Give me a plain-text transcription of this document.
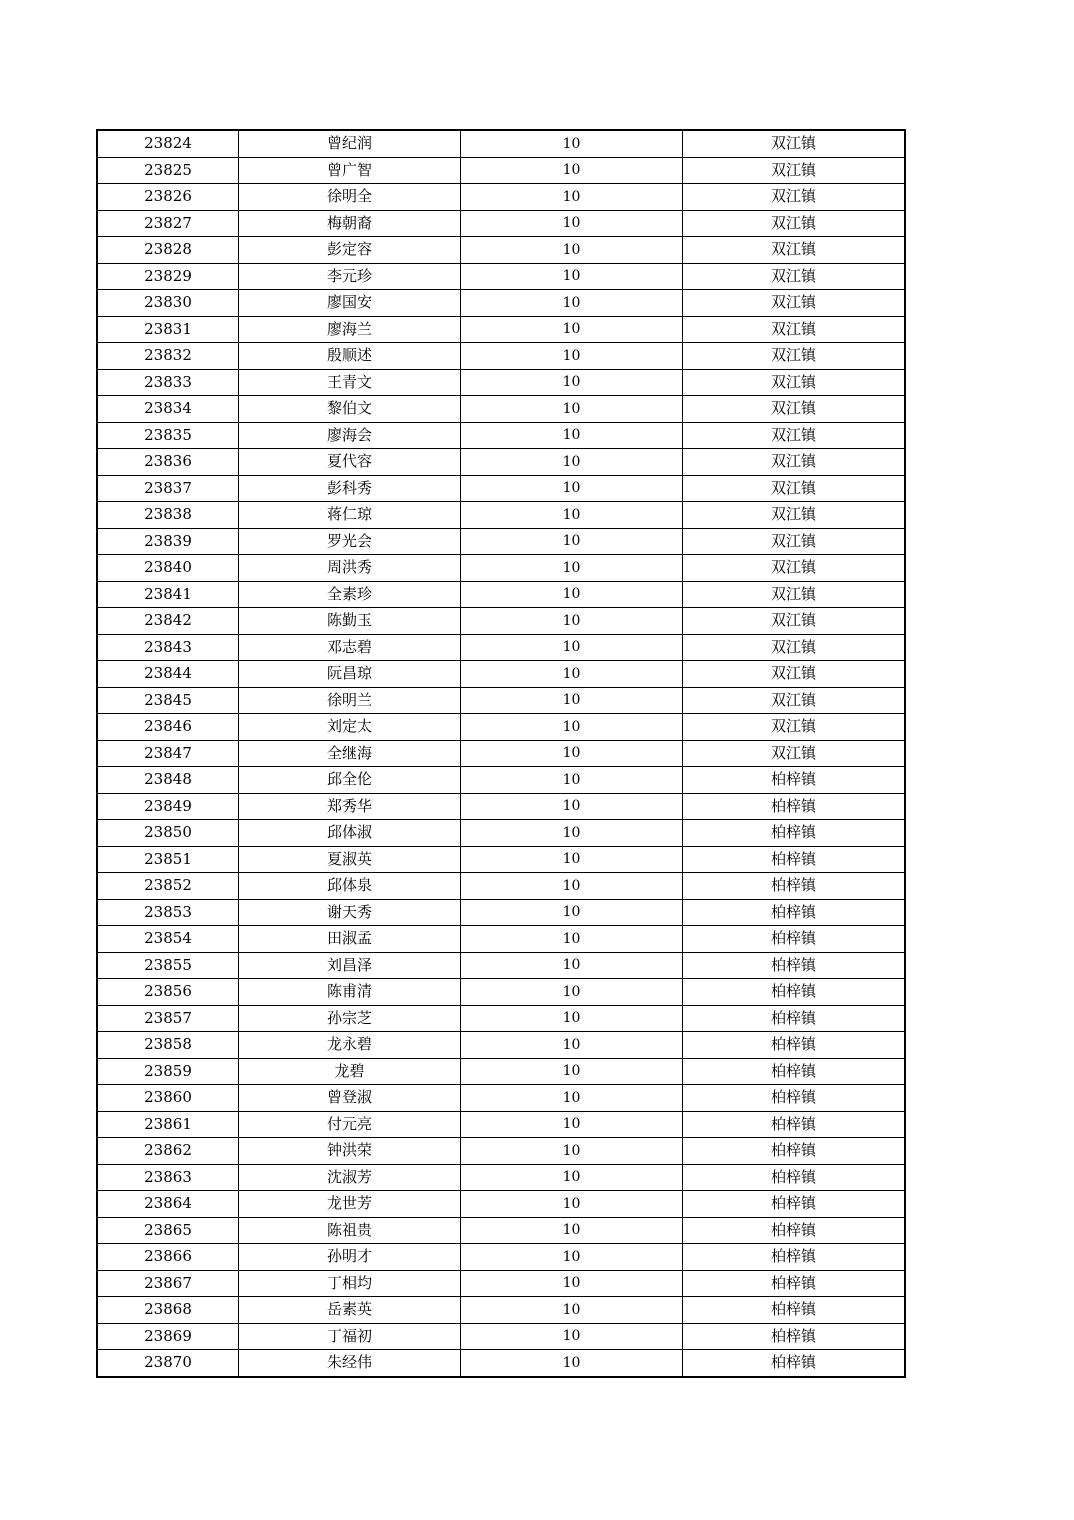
23824	曾纪润	10	双江镇
23825	曾广智	10	双江镇
23826	徐明全	10	双江镇
23827	梅朝裔	10	双江镇
23828	彭定容	10	双江镇
23829	李元珍	10	双江镇
23830	廖国安	10	双江镇
23831	廖海兰	10	双江镇
23832	殷顺述	10	双江镇
23833	王青文	10	双江镇
23834	黎伯文	10	双江镇
23835	廖海会	10	双江镇
23836	夏代容	10	双江镇
23837	彭科秀	10	双江镇
23838	蒋仁琼	10	双江镇
23839	罗光会	10	双江镇
23840	周洪秀	10	双江镇
23841	全素珍	10	双江镇
23842	陈勤玉	10	双江镇
23843	邓志碧	10	双江镇
23844	阮昌琼	10	双江镇
23845	徐明兰	10	双江镇
23846	刘定太	10	双江镇
23847	全继海	10	双江镇
23848	邱全伦	10	柏梓镇
23849	郑秀华	10	柏梓镇
23850	邱体淑	10	柏梓镇
23851	夏淑英	10	柏梓镇
23852	邱体泉	10	柏梓镇
23853	谢天秀	10	柏梓镇
23854	田淑孟	10	柏梓镇
23855	刘昌泽	10	柏梓镇
23856	陈甫清	10	柏梓镇
23857	孙宗芝	10	柏梓镇
23858	龙永碧	10	柏梓镇
23859	龙碧	10	柏梓镇
23860	曾登淑	10	柏梓镇
23861	付元亮	10	柏梓镇
23862	钟洪荣	10	柏梓镇
23863	沈淑芳	10	柏梓镇
23864	龙世芳	10	柏梓镇
23865	陈祖贵	10	柏梓镇
23866	孙明才	10	柏梓镇
23867	丁相均	10	柏梓镇
23868	岳素英	10	柏梓镇
23869	丁福初	10	柏梓镇
23870	朱经伟	10	柏梓镇
